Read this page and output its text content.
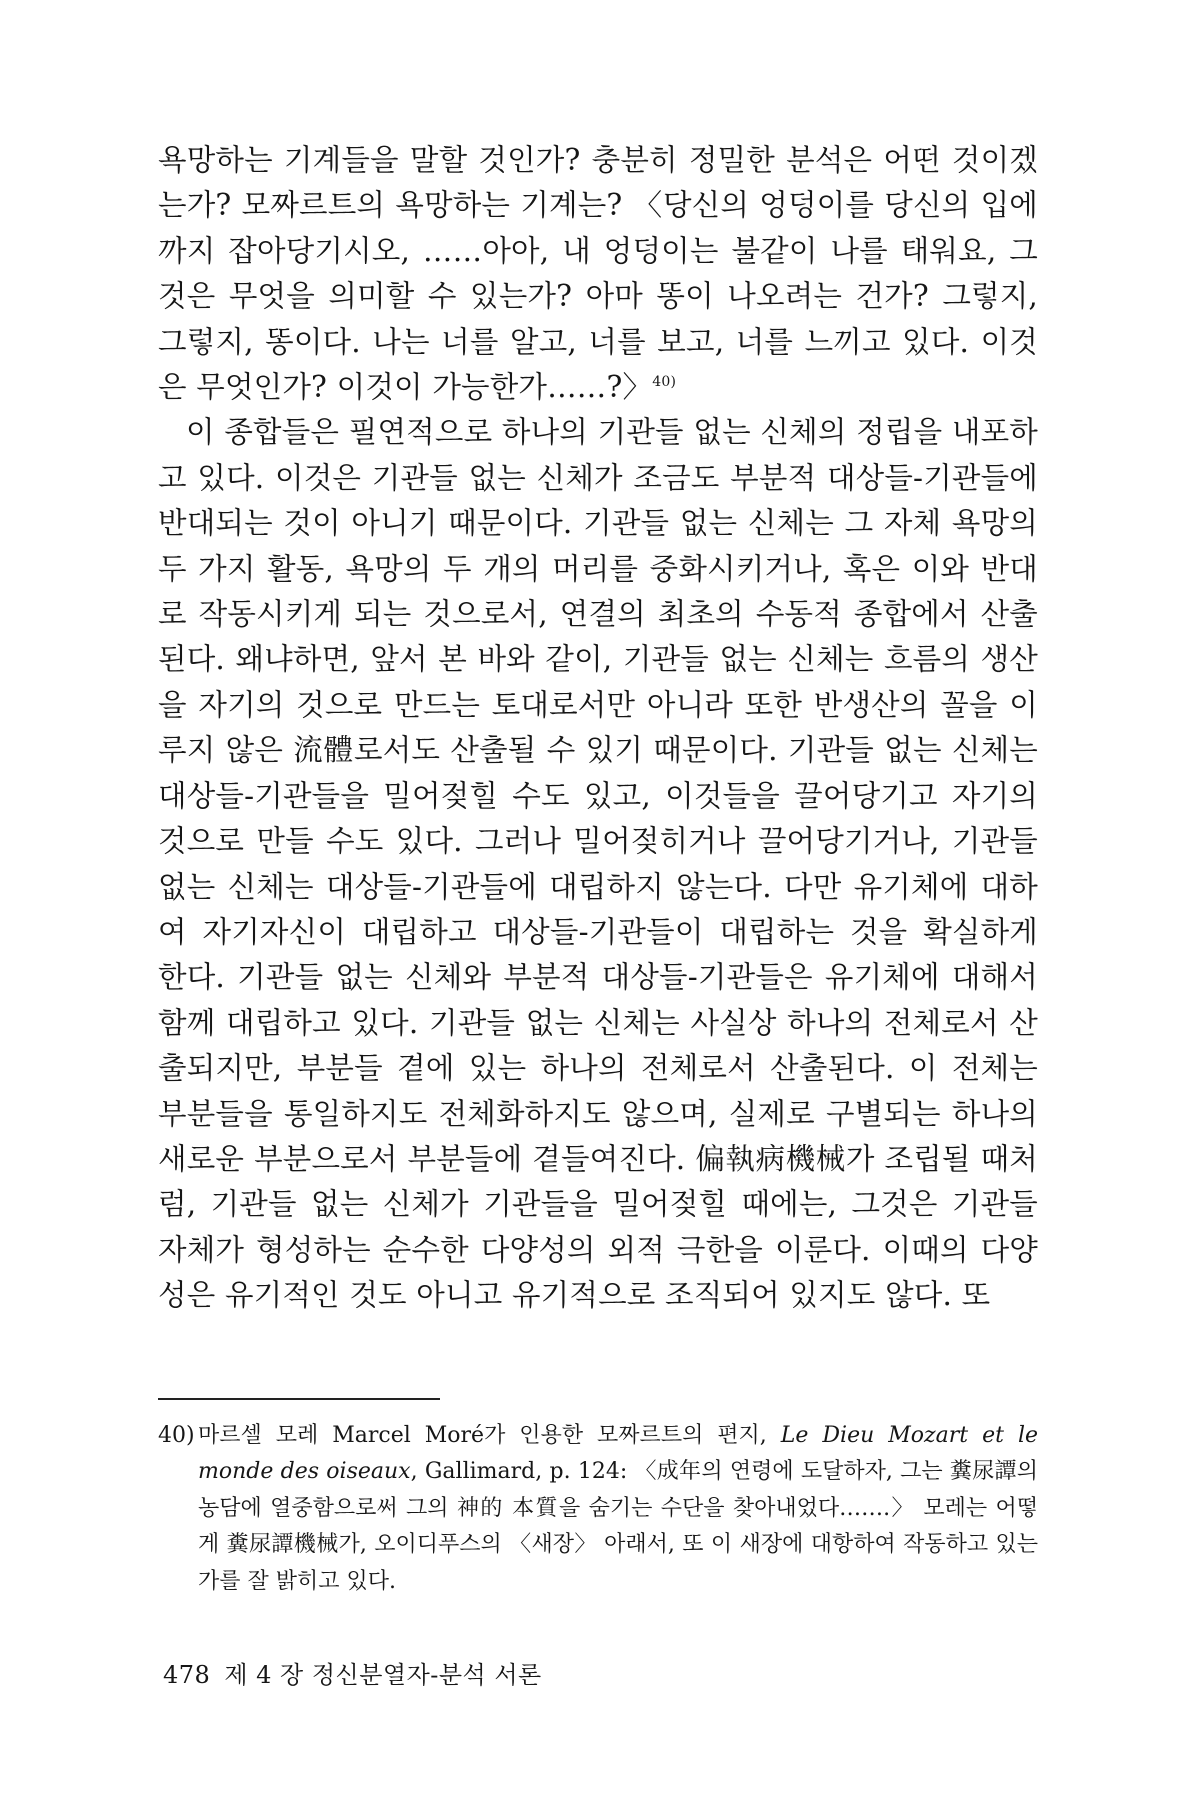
욕망하는 기계들을 말할 것인가? 충분히 정밀한 분석은 어떤 것이겠는가? 모짜르트의 욕망하는 기계는? 〈당신의 엉덩이를 당신의 입에까지 잡아당기시오, ……아아, 내 엉덩이는 불같이 나를 태워요, 그것은 무엇을 의미할 수 있는가? 아마 똥이 나오려는 건가? 그렇지, 그렇지, 똥이다. 나는 너를 알고, 너를 보고, 너를 느끼고 있다. 이것은 무엇인가? 이것이 가능한가……?〉$^{40)}$

이 종합들은 필연적으로 하나의 기관들 없는 신체의 정립을 내포하고 있다. 이것은 기관들 없는 신체가 조금도 부분적 대상들-기관들에 반대되는 것이 아니기 때문이다. 기관들 없는 신체는 그 자체 욕망의 두 가지 활동, 욕망의 두 개의 머리를 중화시키거나, 혹은 이와 반대로 작동시키게 되는 것으로서, 연결의 최초의 수동적 종합에서 산출된다. 왜냐하면, 앞서 본 바와 같이, 기관들 없는 신체는 흐름의 생산을 자기의 것으로 만드는 토대로서만 아니라 또한 반생산의 꼴을 이루지 않은 流體로서도 산출될 수 있기 때문이다. 기관들 없는 신체는 대상들-기관들을 밀어젖힐 수도 있고, 이것들을 끌어당기고 자기의 것으로 만들 수도 있다. 그러나 밀어젖히거나 끌어당기거나, 기관들 없는 신체는 대상들-기관들에 대립하지 않는다. 다만 유기체에 대하여 자기자신이 대립하고 대상들-기관들이 대립하는 것을 확실하게 한다. 기관들 없는 신체와 부분적 대상들-기관들은 유기체에 대해서 함께 대립하고 있다. 기관들 없는 신체는 사실상 하나의 전체로서 산출되지만, 부분들 곁에 있는 하나의 전체로서 산출된다. 이 전체는 부분들을 통일하지도 전체화하지도 않으며, 실제로 구별되는 하나의 새로운 부분으로서 부분들에 곁들여진다. 偏執病機械가 조립될 때처럼, 기관들 없는 신체가 기관들을 밀어젖힐 때에는, 그것은 기관들 자체가 형성하는 순수한 다양성의 외적 극한을 이룬다. 이때의 다양성은 유기적인 것도 아니고 유기적으로 조직되어 있지도 않다. 또

40) 마르셀 모레 Marcel Moré가 인용한 모짜르트의 편지, Le Dieu Mozart et le monde des oiseaux, Gallimard, p. 124: 〈成年의 연령에 도달하자, 그는 糞尿譚의 농담에 열중함으로써 그의 神的 本質을 숨기는 수단을 찾아내었다…….〉 모레는 어떻게 糞尿譚機械가, 오이디푸스의 〈새장〉 아래서, 또 이 새장에 대항하여 작동하고 있는가를 잘 밝히고 있다.
478 제 4 장 정신분열자-분석 서론
